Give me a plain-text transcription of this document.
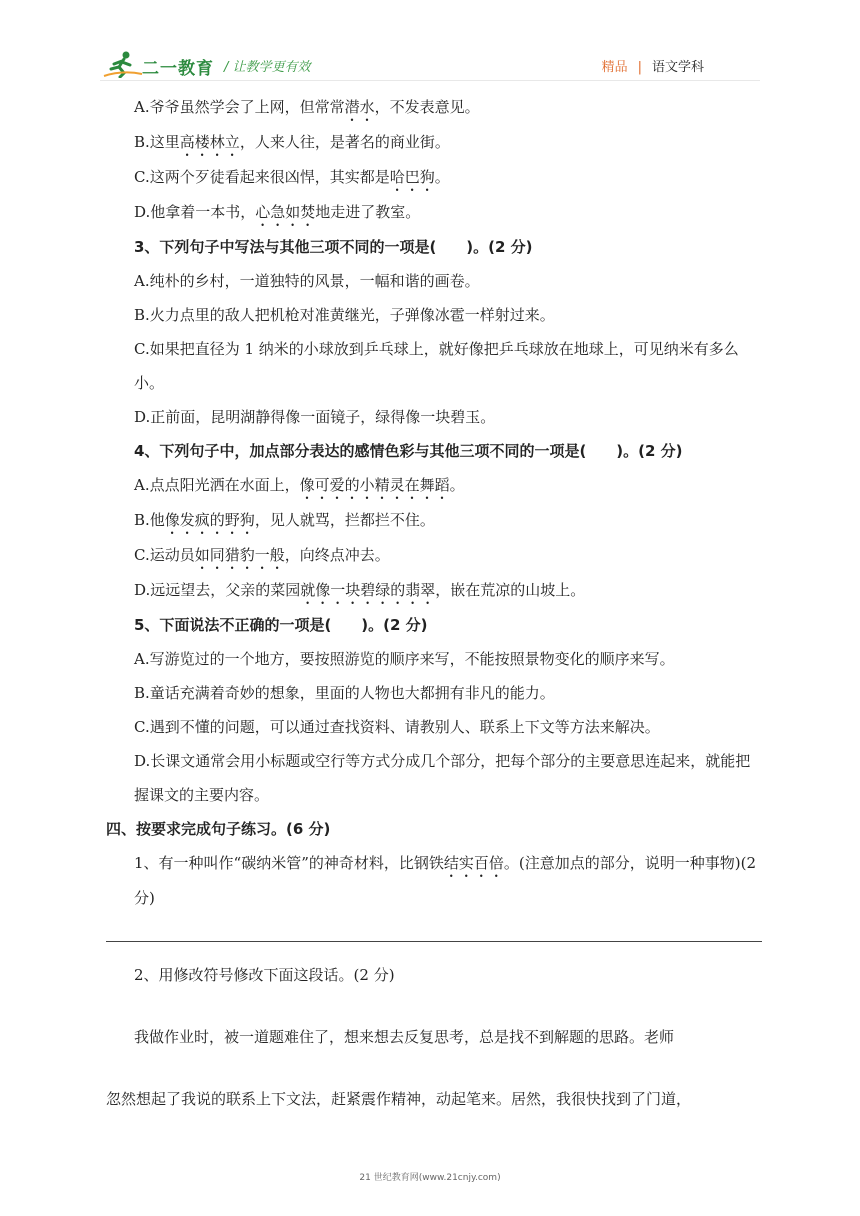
二一教育 / 让教学更有效	精品 | 语文学科

A.爷爷虽然学会了上网，但常常潜水，不发表意见。

B.这里高楼林立，人来人往，是著名的商业街。

C.这两个歹徒看起来很凶悍，其实都是哈巴狗。

D.他拿着一本书，心急如焚地走进了教室。

3、下列句子中写法与其他三项不同的一项是(　　)。(2 分)

A.纯朴的乡村，一道独特的风景，一幅和谐的画卷。

B.火力点里的敌人把机枪对准黄继光，子弹像冰雹一样射过来。

C.如果把直径为 1 纳米的小球放到乒乓球上，就好像把乒乓球放在地球上，可见纳米有多么小。

D.正前面，昆明湖静得像一面镜子，绿得像一块碧玉。

4、下列句子中，加点部分表达的感情色彩与其他三项不同的一项是(　　)。(2 分)

A.点点阳光洒在水面上，像可爱的小精灵在舞蹈。

B.他像发疯的野狗，见人就骂，拦都拦不住。

C.运动员如同猎豹一般，向终点冲去。

D.远远望去，父亲的菜园就像一块碧绿的翡翠，嵌在荒凉的山坡上。

5、下面说法不正确的一项是(　　)。(2 分)

A.写游览过的一个地方，要按照游览的顺序来写，不能按照景物变化的顺序来写。

B.童话充满着奇妙的想象，里面的人物也大都拥有非凡的能力。

C.遇到不懂的问题，可以通过查找资料、请教别人、联系上下文等方法来解决。

D.长课文通常会用小标题或空行等方式分成几个部分，把每个部分的主要意思连起来，就能把握课文的主要内容。

四、按要求完成句子练习。(6 分)

1、有一种叫作“碳纳米管”的神奇材料，比钢铁结实百倍。(注意加点的部分，说明一种事物)(2 分)

2、用修改符号修改下面这段话。(2 分)

我做作业时，被一道题难住了，想来想去反复思考，总是找不到解题的思路。老师

忽然想起了我说的联系上下文法，赶紧震作精神，动起笔来。居然，我很快找到了门道，

21 世纪教育网(www.21cnjy.com)
